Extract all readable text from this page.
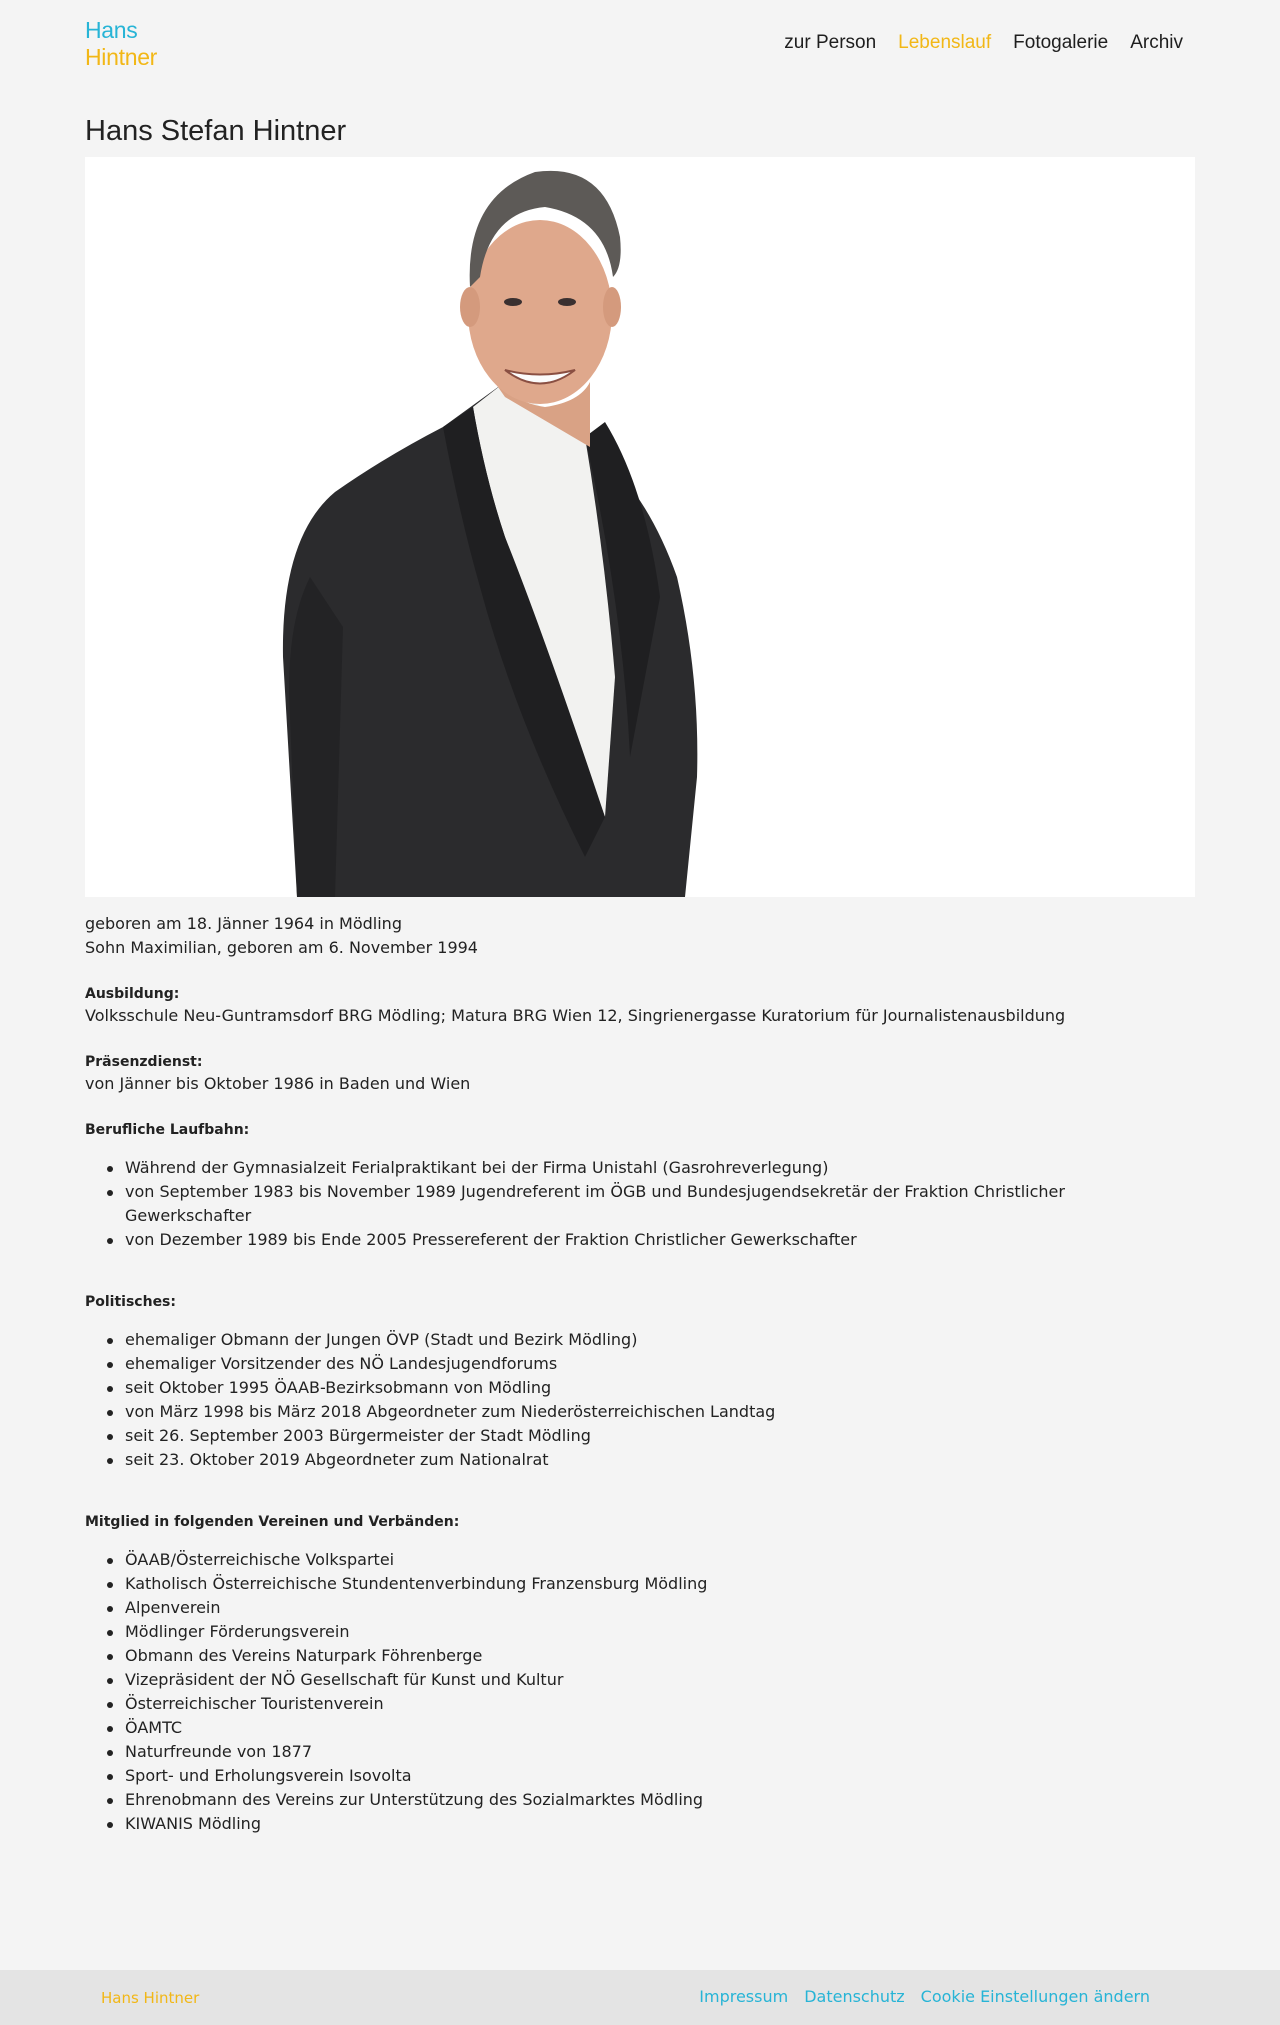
Hans
Hintner
zur Person Lebenslauf Fotogalerie Archiv
Hans Stefan Hintner

geboren am 18. Jänner 1964 in Mödling

Sohn Maximilian, geboren am 6. November 1994

Ausbildung:

Volksschule Neu-Guntramsdorf BRG Mödling; Matura BRG Wien 12, Singrienergasse Kuratorium für Journalistenausbildung

Präsenzdienst:

von Jänner bis Oktober 1986 in Baden und Wien

Berufliche Laufbahn:
Während der Gymnasialzeit Ferialpraktikant bei der Firma Unistahl (Gasrohreverlegung)
von September 1983 bis November 1989 Jugendreferent im ÖGB und Bundesjugendsekretär der Fraktion Christlicher Gewerkschafter
von Dezember 1989 bis Ende 2005 Pressereferent der Fraktion Christlicher Gewerkschafter
Politisches:
ehemaliger Obmann der Jungen ÖVP (Stadt und Bezirk Mödling)
ehemaliger Vorsitzender des NÖ Landesjugendforums
seit Oktober 1995 ÖAAB-Bezirksobmann von Mödling
von März 1998 bis März 2018 Abgeordneter zum Niederösterreichischen Landtag
seit 26. September 2003 Bürgermeister der Stadt Mödling
seit 23. Oktober 2019 Abgeordneter zum Nationalrat
Mitglied in folgenden Vereinen und Verbänden:
ÖAAB/Österreichische Volkspartei
Katholisch Österreichische Stundentenverbindung Franzensburg Mödling
Alpenverein
Mödlinger Förderungsverein
Obmann des Vereins Naturpark Föhrenberge
Vizepräsident der NÖ Gesellschaft für Kunst und Kultur
Österreichischer Touristenverein
ÖAMTC
Naturfreunde von 1877
Sport- und Erholungsverein Isovolta
Ehrenobmann des Vereins zur Unterstützung des Sozialmarktes Mödling
KIWANIS Mödling
Hans Hintner	Impressum Datenschutz Cookie Einstellungen ändern
